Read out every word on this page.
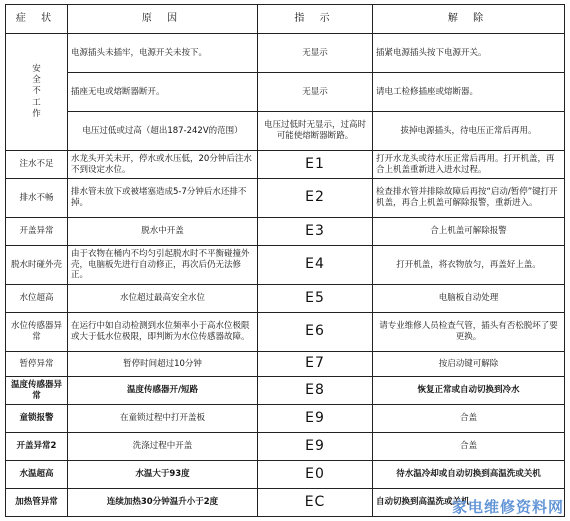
症 状	原 因	指 示	解 除

安全不工作	电源插头未插牢，电源开关未按下。	无显示	插紧电源插头按下电源开关。
	插座无电或熔断器断开。	无显示	请电工检修插座或熔断器。
	电压过低或过高（超出187-242V的范围）	电压过低时无显示，过高时可能使熔断器断路。	拔掉电源插头，待电压正常后再用。
注水不足	水龙头开关未开，停水或水压低，20分钟后注水不到设定水位。	E1	打开水龙头或待水压正常后再用。打开机盖，再合上机盖重新进入进水过程。
排水不畅	排水管未放下或被堵塞造成5-7分钟后水还排不掉。	E2	检查排水管并排除故障后再按“启动/暂停”键打开机盖，再合上机盖可解除报警，重新进入。
开盖异常	脱水中开盖	E3	合上机盖可解除报警
脱水时碰外壳	由于衣物在桶内不均匀引起脱水时不平衡碰撞外壳，电脑板先进行自动修正，再次后仍无法修正。	E4	打开机盖，将衣物放匀，再盖好上盖。
水位超高	水位超过最高安全水位	E5	电脑板自动处理
水位传感器异常	在运行中如自动检测到水位频率小于高水位极限或大于低水位极限，即判断为水位传感器故障。	E6	请专业维修人员检查气管，插头有否松脱坏了要更换。
暂停异常	暂停时间超过10分钟	E7	按启动键可解除
温度传感器异常	温度传感器开/短路	E8	恢复正常或自动切换到冷水
童锁报警	在童锁过程中打开盖板	E9	合盖
开盖异常2	洗涤过程中开盖	E9	合盖
水温超高	水温大于93度	E0	待水温冷却或自动切换到高温洗或关机
加热管异常	连续加热30分钟温升小于2度	EC	自动切换到高温洗或关机
家电维修资料网
